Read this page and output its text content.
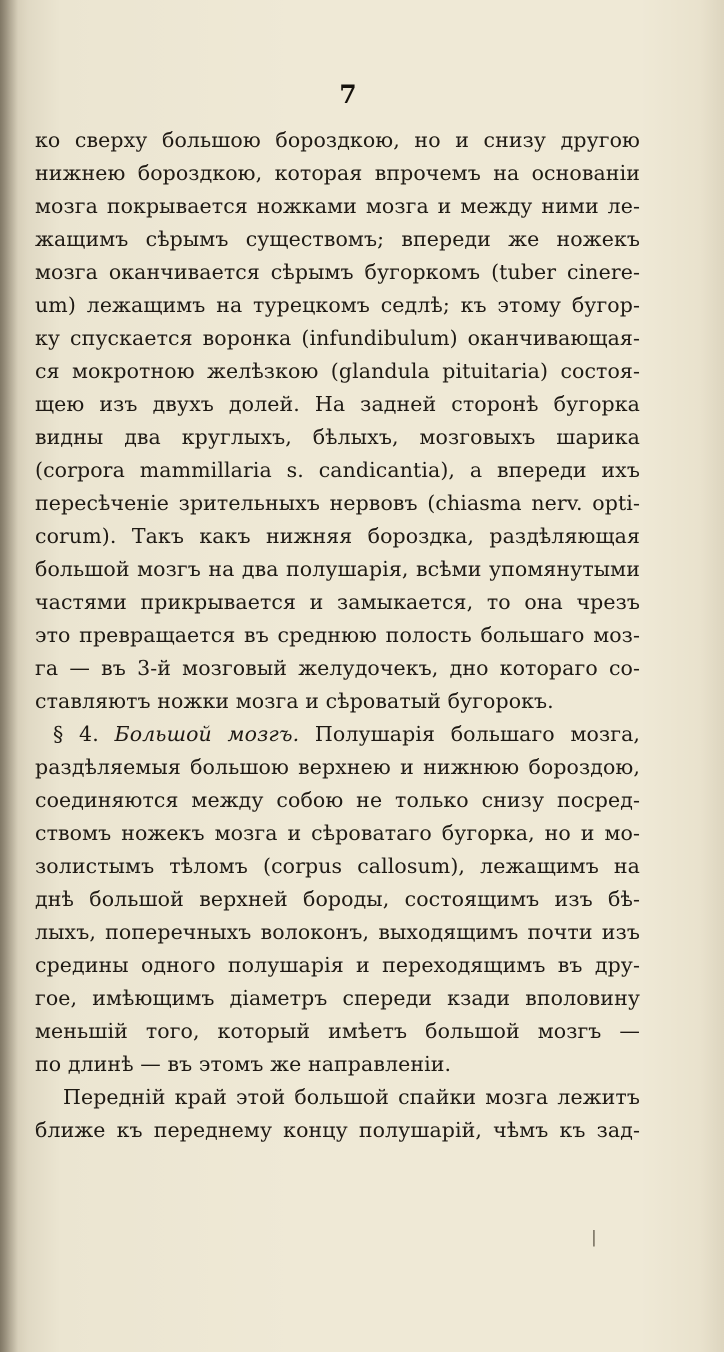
7
ко сверху большою бороздкою, но и снизу другою
нижнею бороздкою, которая впрочемъ на основаніи
мозга покрывается ножками мозга и между ними ле-
жащимъ сѣрымъ существомъ; впереди же ножекъ
мозга оканчивается сѣрымъ бугоркомъ (tuber cinere-
um) лежащимъ на турецкомъ седлѣ; къ этому бугор-
ку спускается воронка (infundibulum) оканчивающая-
ся мокротною желѣзкою (glandula pituitaria) состоя-
щею изъ двухъ долей. На задней сторонѣ бугорка
видны два круглыхъ, бѣлыхъ, мозговыхъ шарика
(corpora mammillaria s. candicantia), а впереди ихъ
пересѣченіе зрительныхъ нервовъ (chiasma nerv. opti-
corum). Такъ какъ нижняя бороздка, раздѣляющая
большой мозгъ на два полушарія, всѣми упомянутыми
частями прикрывается и замыкается, то она чрезъ
это превращается въ среднюю полость большаго моз-
га — въ 3-й мозговый желудочекъ, дно котораго со-
ставляютъ ножки мозга и сѣроватый бугорокъ.
§ 4. Большой мозгъ. Полушарія большаго мозга,
раздѣляемыя большою верхнею и нижнюю бороздою,
соединяются между собою не только снизу посред-
ствомъ ножекъ мозга и сѣроватаго бугорка, но и мо-
золистымъ тѣломъ (corpus callosum), лежащимъ на
днѣ большой верхней бороды, состоящимъ изъ бѣ-
лыхъ, поперечныхъ волоконъ, выходящимъ почти изъ
средины одного полушарія и переходящимъ въ дру-
гое, имѣющимъ діаметръ спереди кзади вполовину
меньшій того, который имѣетъ большой мозгъ —
по длинѣ — въ этомъ же направленіи.
Передній край этой большой спайки мозга лежитъ
ближе къ переднему концу полушарій, чѣмъ къ зад-
׀
